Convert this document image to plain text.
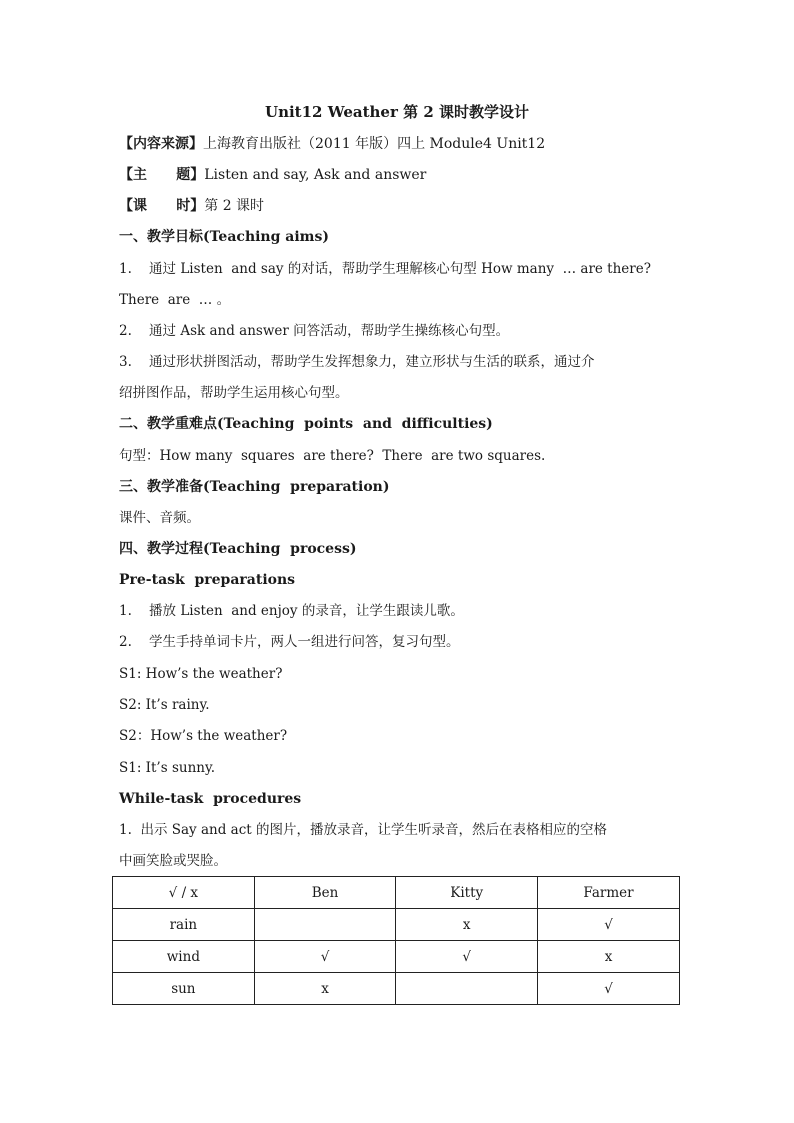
Unit12 Weather 第 2 课时教学设计
【内容来源】上海教育出版社（2011 年版）四上 Module4 Unit12
【主      题】Listen and say, Ask and answer
【课      时】第 2 课时
一、教学目标(Teaching aims)
1.    通过 Listen  and say 的对话，帮助学生理解核心句型 How many  … are there?
There  are  … 。
2.    通过 Ask and answer 问答活动，帮助学生操练核心句型。
3.    通过形状拼图活动，帮助学生发挥想象力，建立形状与生活的联系，通过介
绍拼图作品，帮助学生运用核心句型。
二、教学重难点(Teaching  points  and  difficulties)
句型：How many  squares  are there?  There  are two squares.
三、教学准备(Teaching  preparation)
课件、音频。
四、教学过程(Teaching  process)
Pre-task  preparations
1.    播放 Listen  and enjoy 的录音，让学生跟读儿歌。
2.    学生手持单词卡片，两人一组进行问答，复习句型。
S1: How’s the weather?
S2: It’s rainy.
S2：How’s the weather?
S1: It’s sunny.
While-task  procedures
1.  出示 Say and act 的图片，播放录音，让学生听录音，然后在表格相应的空格
中画笑脸或哭脸。
√ / x	Ben	Kitty	Farmer
rain		x	√
wind	√	√	x
sun	x		√
